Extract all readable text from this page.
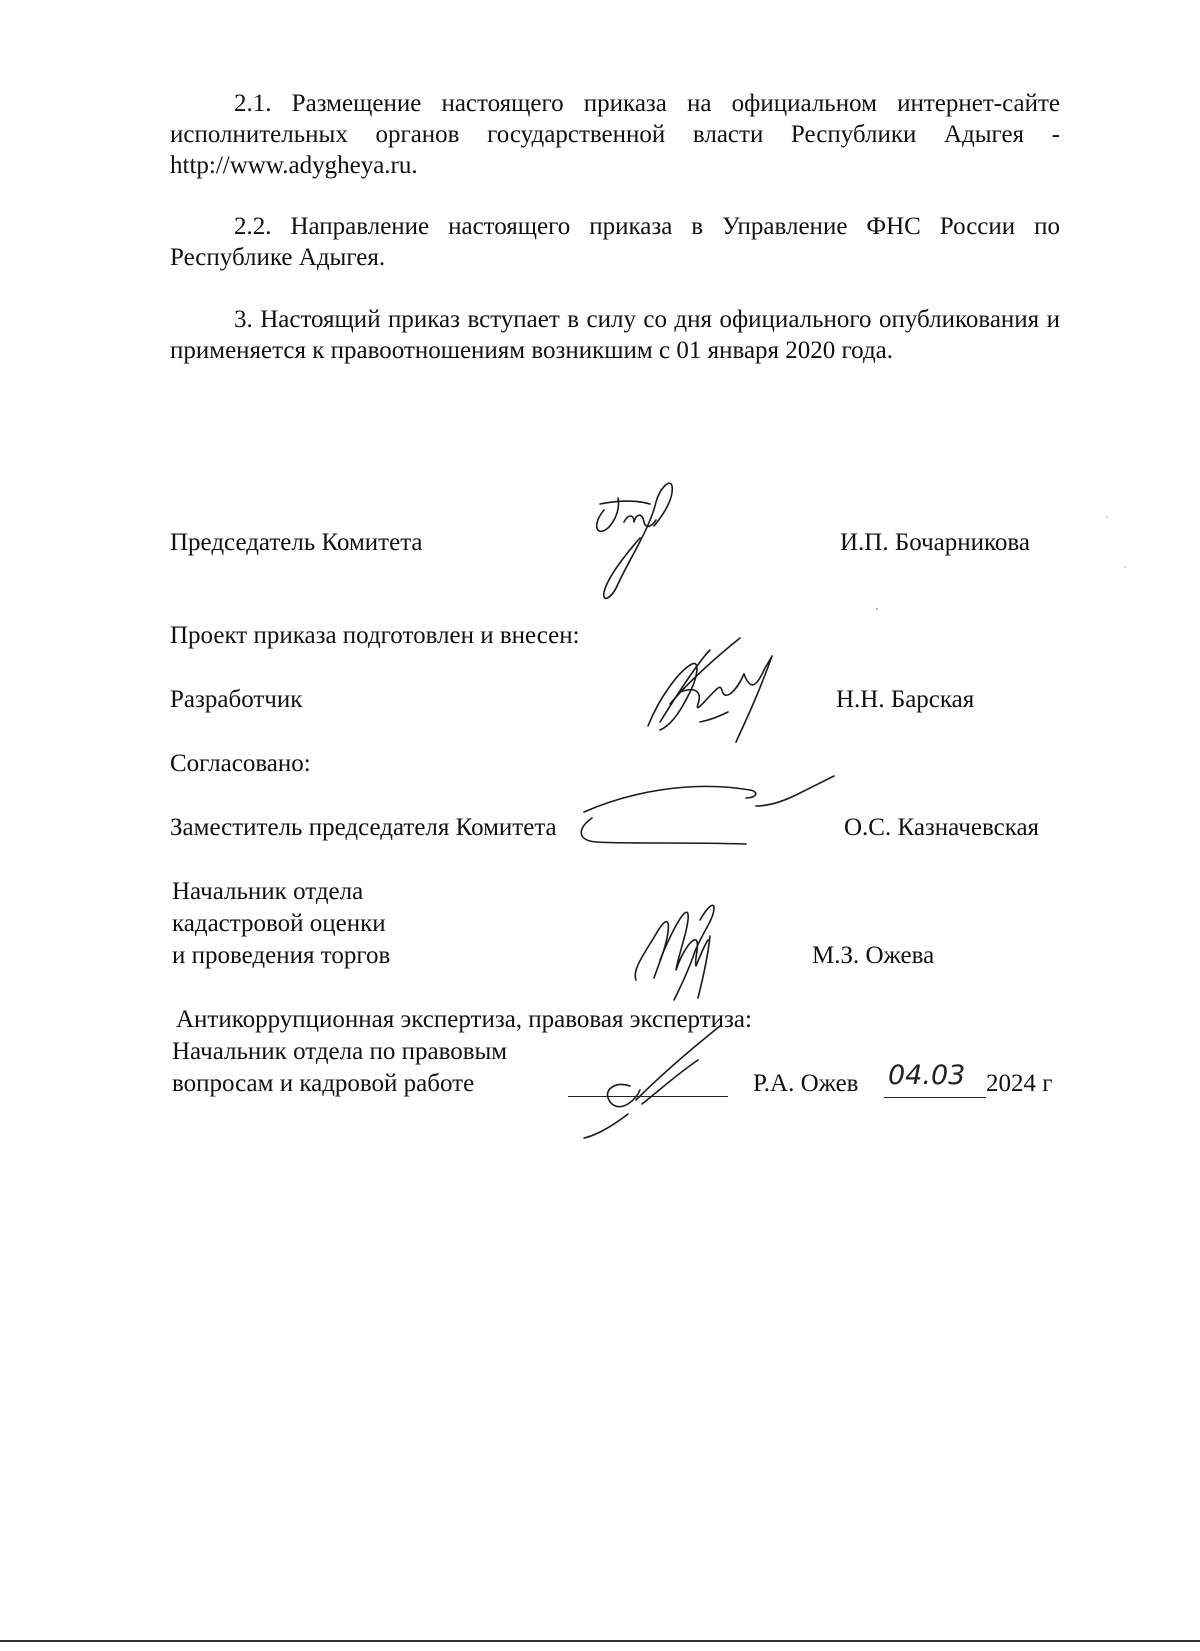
2.1. Размещение настоящего приказа на официальном интернет-сайте исполнительных органов государственной власти Республики Адыгея - http://www.adygheya.ru.

2.2. Направление настоящего приказа в Управление ФНС России по Республике Адыгея.

3. Настоящий приказ вступает в силу со дня официального опубликования и применяется к правоотношениям возникшим с 01 января 2020 года.

Председатель Комитета	И.П. Бочарникова
Проект приказа подготовлен и внесен:
Разработчик	Н.Н. Барская
Согласовано:
Заместитель председателя Комитета	О.С. Казначевская
Начальник отдела
кадастровой оценки
и проведения торгов	М.З. Ожева
Антикоррупционная экспертиза, правовая экспертиза:
Начальник отдела по правовым
вопросам и кадровой работе	Р.А. Ожев 04.03 2024 г
